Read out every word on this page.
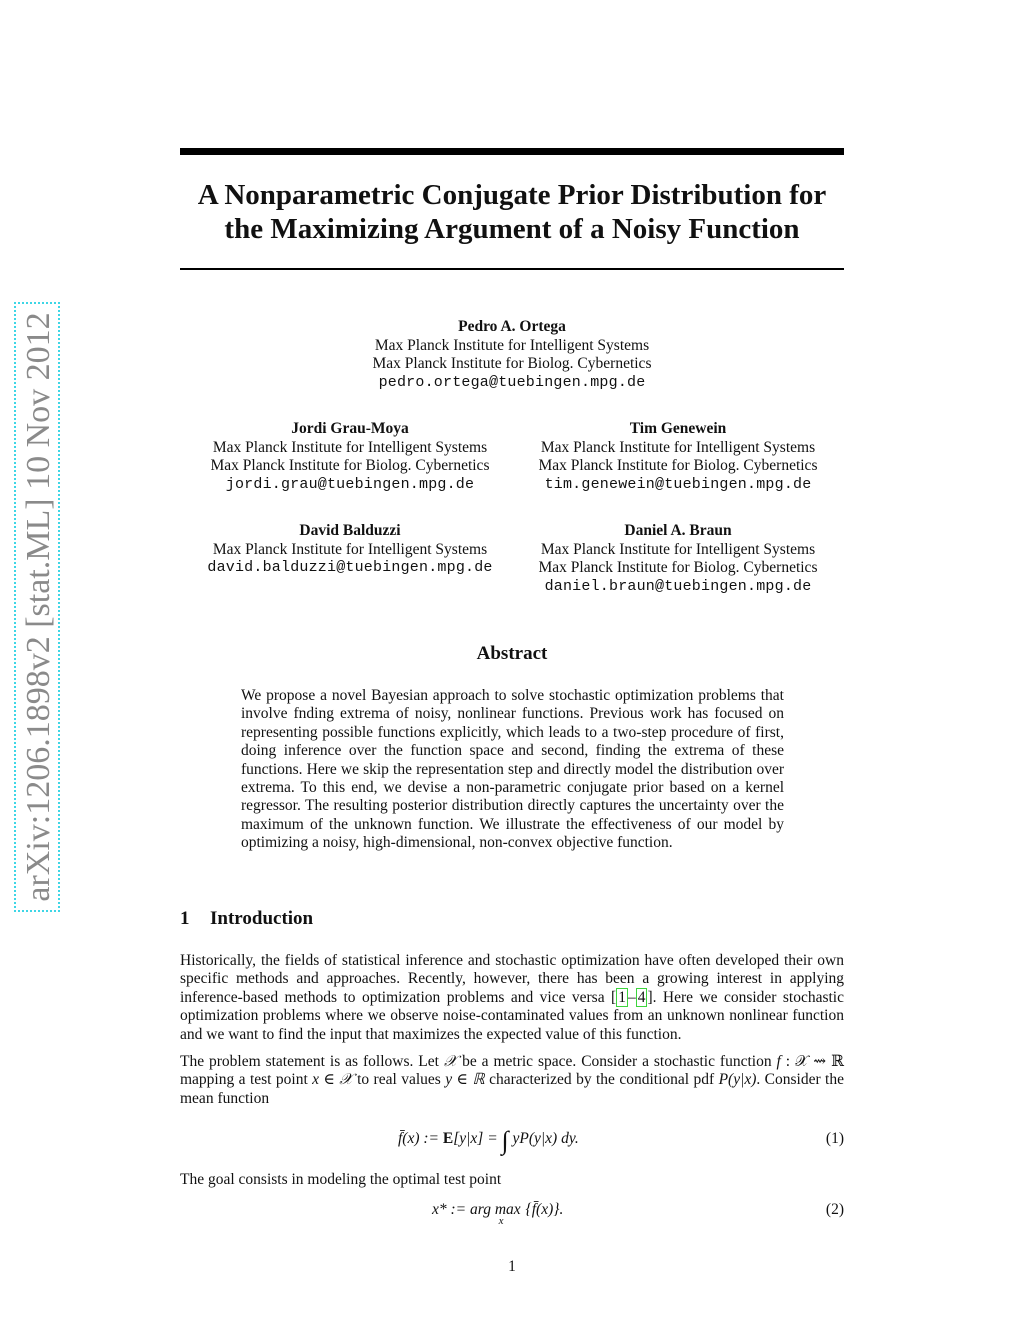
arXiv:1206.1898v2 [stat.ML] 10 Nov 2012
A Nonparametric Conjugate Prior Distribution for
the Maximizing Argument of a Noisy Function
Pedro A. Ortega
Max Planck Institute for Intelligent Systems
Max Planck Institute for Biolog. Cybernetics
pedro.ortega@tuebingen.mpg.de
Jordi Grau-Moya
Max Planck Institute for Intelligent Systems
Max Planck Institute for Biolog. Cybernetics
jordi.grau@tuebingen.mpg.de
Tim Genewein
Max Planck Institute for Intelligent Systems
Max Planck Institute for Biolog. Cybernetics
tim.genewein@tuebingen.mpg.de
David Balduzzi
Max Planck Institute for Intelligent Systems
david.balduzzi@tuebingen.mpg.de
Daniel A. Braun
Max Planck Institute for Intelligent Systems
Max Planck Institute for Biolog. Cybernetics
daniel.braun@tuebingen.mpg.de
Abstract

We propose a novel Bayesian approach to solve stochastic optimization problems that involve fnding extrema of noisy, nonlinear functions. Previous work has focused on representing possible functions explicitly, which leads to a two-step procedure of first, doing inference over the function space and second, finding the extrema of these functions. Here we skip the representation step and directly model the distribution over extrema. To this end, we devise a non-parametric conjugate prior based on a kernel regressor. The resulting posterior distribution directly captures the uncertainty over the maximum of the unknown function. We illustrate the effectiveness of our model by optimizing a noisy, high-dimensional, non-convex objective function.

1 Introduction

Historically, the fields of statistical inference and stochastic optimization have often developed their own specific methods and approaches. Recently, however, there has been a growing interest in applying inference-based methods to optimization problems and vice versa [ 1 – 4 ]. Here we consider stochastic optimization problems where we observe noise-contaminated values from an unknown nonlinear function and we want to find the input that maximizes the expected value of this function.

The problem statement is as follows. Let 𝒳 be a metric space. Consider a stochastic function f : 𝒳 ⇝ ℝ mapping a test point x ∈ 𝒳 to real values y ∈ ℝ characterized by the conditional pdf P(y|x). Consider the mean function

f̄(x) := E[y|x] = ∫ yP(y|x) dy.	(1)

The goal consists in modeling the optimal test point

x* := arg $\max_x\{f̄(x)\}$.	(2)
1
